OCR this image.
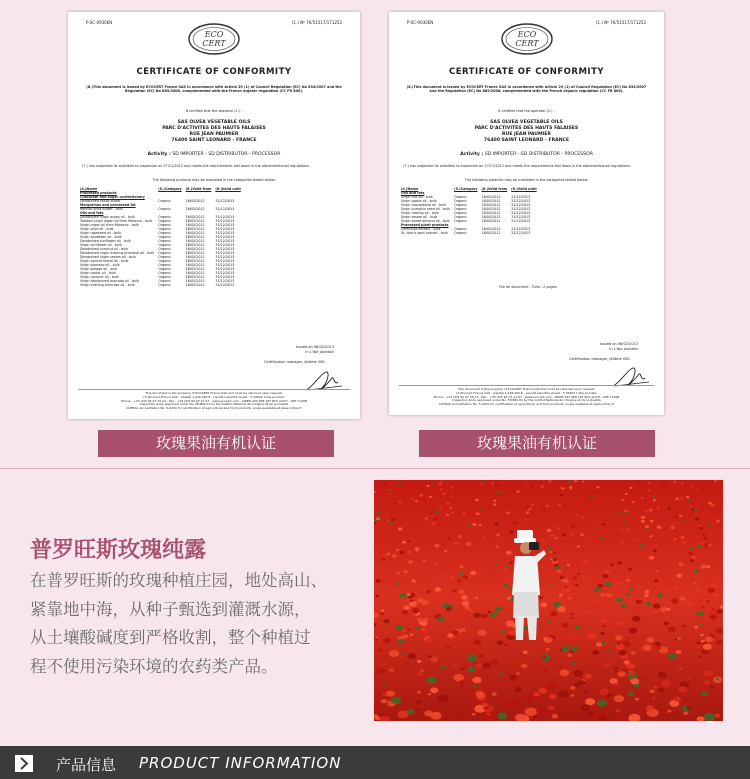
P-SC-0930EN	(1.) Nº 76/51517/171252
ECO
CERT
CERTIFICATE OF CONFORMITY
(8.)This document is issued by ECOCERT France SAS in accordance with Article 29 (1) of Council Regulation (EC) No 834/2007 and the Regulation (EC) No 889/2008, complemented with the French organic regulation (CC FR 800).
It certifies that the operator (2.) :
SAS OLVEA VEGETABLE OILS
PARC D'ACTIVITES DES HAUTS FALAISES
RUE JEAN PAUMIER
76400 SAINT LEONARD - FRANCE
Activity : SD IMPORTER - SD DISTRIBUTOR - PROCESSOR
(7.) has subjected its activities to inspection on 27/11/2012 and meets the requirements laid down in the aforementioned regulations.
The following products may be marketed in the categories stated below:
(4.)Name	(5.)Category	(6.)Valid from	(6.)Valid until
Processed products			
Chocolate and sugar confectionery			
Deodorized cocoa butter	Organic	16/05/2012	31/12/2013
Margarines and processed fat			
Refined shea butter - bulk	Organic	16/05/2012	31/12/2013
Oils and fats			
Deodorized virgin argan oil - bulk	Organic	16/05/2012	31/12/2013
Toasted virgin argan oil from Morocco - bulk	Organic	16/05/2012	31/12/2013
Virgin argan oil from Morocco - bulk	Organic	16/05/2012	31/12/2013
Virgin olive oil - bulk	Organic	16/05/2012	31/12/2013
Virgin rapeseed oil - bulk	Organic	16/05/2012	31/12/2013
Virgin soyabean oil - bulk	Organic	16/05/2012	31/12/2013
Deodorized sunflower oil - bulk	Organic	16/05/2012	31/12/2013
Virgin sunflower oil - bulk	Organic	16/05/2012	31/12/2013
Deodorized coconut oil - bulk	Organic	16/05/2012	31/12/2013
Deodorized virgin evening primrose oil - bulk	Organic	16/05/2012	31/12/2013
Deodorized virgin sesam oil - bulk	Organic	16/05/2012	31/12/2013
Virgin apricot kernel oil - bulk	Organic	16/05/2012	31/12/2013
Virgin avocado oil - bulk	Organic	16/05/2012	31/12/2013
Virgin borage oil - bulk	Organic	16/05/2012	31/12/2013
Virgin castor oil - bulk	Organic	16/05/2012	31/12/2013
Virgin coconut oil - bulk	Organic	16/05/2012	31/12/2013
Virgin deodorized avocado oil - bulk	Organic	16/05/2012	31/12/2013
Virgin evening primrose oil - bulk	Organic	16/05/2012	31/12/2013
Issued on 06/02/2013
in L'Isle Jourdain
Certification manager, Jérôme VIEL
This document is the property of ECOCERT France SAS and must be returned upon request.
(3.)Ecocert France SAS - Capital 1.226.200 € - Lieudit Lamothe Ouest - F-32600 L'Isle Jourdain
Phone : +33 (0)5 62 07 34 24 - Fax : +33 (0)5 62 07 11 67 - www.ecocert.com - SIREN 433 968 187 RCS AUCH - APE 7120B
Inspection body approved under No. FR-BIO-01 by the Institut National de l'Origine et de la Qualité
COFRAC Accreditation No. 5-0030 for certification of agricultural and food products, scope available at www.cofrac.fr
P-SC-0930EN	(1.) Nº 76/51517/171252
ECO
CERT
CERTIFICATE OF CONFORMITY
(8.)This document is issued by ECOCERT France SAS in accordance with Article 29 (1) of Council Regulation (EC) No 834/2007 and the Regulation (EC) No 889/2008, complemented with the French organic regulation (CC FR 800).
It certifies that the operator (2.) :
SAS OLVEA VEGETABLE OILS
PARC D'ACTIVITES DES HAUTS FALAISES
RUE JEAN PAUMIER
76400 SAINT LEONARD - FRANCE
Activity : SD IMPORTER - SD DISTRIBUTOR - PROCESSOR
(7.) has subjected its activities to inspection on 27/11/2012 and meets the requirements laid down in the aforementioned regulations.
The following products may be marketed in the categories stated below:
(4.)Name	(5.)Category	(6.)Valid from	(6.)Valid until
Oils and fats			
Virgin flax oil - bulk	Organic	16/05/2012	31/12/2013
Virgin jojoba oil - bulk	Organic	16/05/2012	31/12/2013
Virgin macadamia oil - bulk	Organic	16/05/2012	31/12/2013
Virgin pumpkin seed oil - bulk	Organic	16/05/2012	31/12/2013
Virgin rosehip oil - bulk	Organic	16/05/2012	31/12/2013
Virgin sesam oil - bulk	Organic	16/05/2012	31/12/2013
Virgin sweet almond oil - bulk	Organic	16/05/2012	31/12/2013
Processed plant products			
Calendula extract - bulk	Organic	16/05/2012	31/12/2013
St. John's-wort extract - bulk	Organic	16/05/2012	31/12/2013
File de document - Total : 2 pages
Issued on 06/02/2013
in L'Isle Jourdain
Certification manager, Jérôme VIEL
This document is the property of ECOCERT France SAS and must be returned upon request.
(3.)Ecocert France SAS - Capital 1.226.200 € - Lieudit Lamothe Ouest - F-32600 L'Isle Jourdain
Phone : +33 (0)5 62 07 34 24 - Fax : +33 (0)5 62 07 11 67 - www.ecocert.com - SIREN 433 968 187 RCS AUCH - APE 7120B
Inspection body approved under No. FR-BIO-01 by the Institut National de l'Origine et de la Qualité
COFRAC Accreditation No. 5-0030 for certification of agricultural and food products, scope available at www.cofrac.fr
玫瑰果油有机认证	玫瑰果油有机认证
普罗旺斯玫瑰纯露
在普罗旺斯的玫瑰种植庄园，地处高山、
紧靠地中海，从种子甄选到灌溉水源，
从土壤酸碱度到严格收割，整个种植过
程不使用污染环境的农药类产品。
产品信息 PRODUCT INFORMATION
